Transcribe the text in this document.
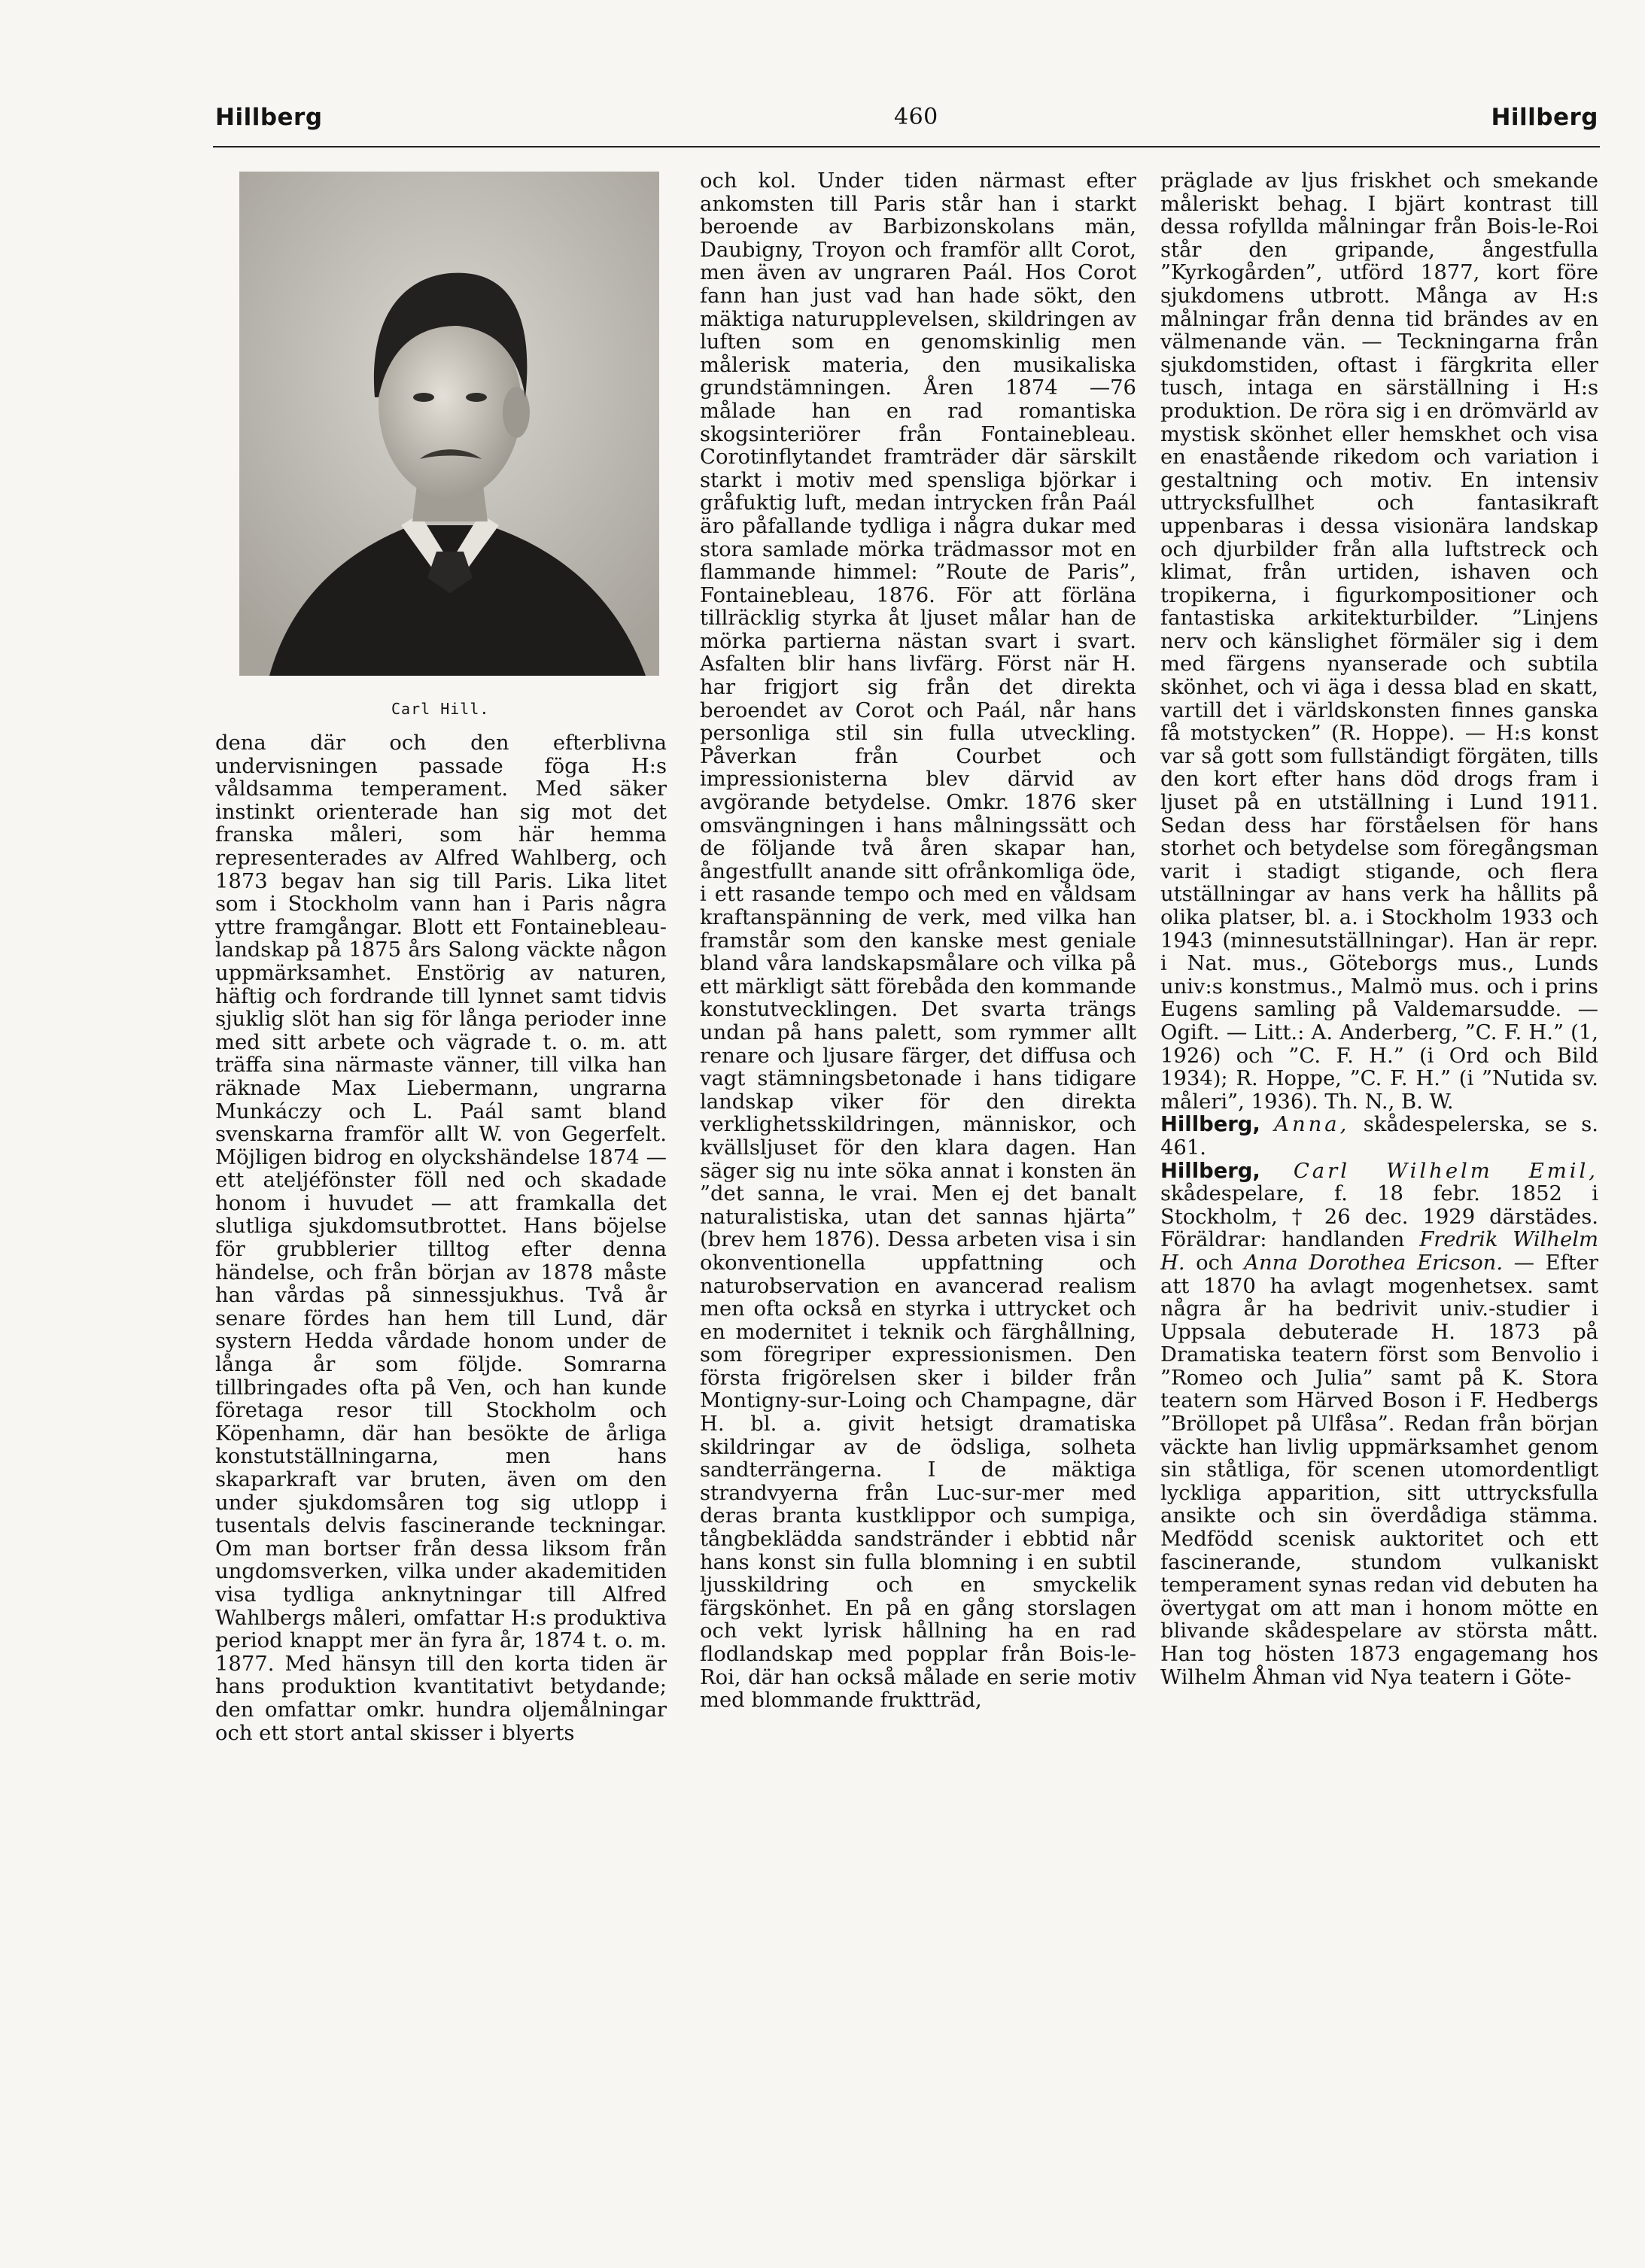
Hillberg	460	Hillberg
Carl Hill.

dena där och den efterblivna undervisningen passade föga H:s våldsamma temperament. Med säker instinkt orienterade han sig mot det franska måleri, som här hemma representerades av Alfred Wahlberg, och 1873 begav han sig till Paris. Lika litet som i Stockholm vann han i Paris några yttre framgångar. Blott ett Fontainebleau-landskap på 1875 års Salong väckte någon uppmärksamhet. Enstörig av naturen, häftig och fordrande till lynnet samt tidvis sjuklig slöt han sig för långa perioder inne med sitt arbete och vägrade t. o. m. att träffa sina närmaste vänner, till vilka han räknade Max Liebermann, ungrarna Munkáczy och L. Paál samt bland svenskarna framför allt W. von Gegerfelt. Möjligen bidrog en olyckshändelse 1874 — ett ateljéfönster föll ned och skadade honom i huvudet — att framkalla det slutliga sjukdomsutbrottet. Hans böjelse för grubblerier tilltog efter denna händelse, och från början av 1878 måste han vårdas på sinnessjukhus. Två år senare fördes han hem till Lund, där systern Hedda vårdade honom under de långa år som följde. Somrarna tillbringades ofta på Ven, och han kunde företaga resor till Stockholm och Köpenhamn, där han besökte de årliga konstutställningarna, men hans skaparkraft var bruten, även om den under sjukdomsåren tog sig utlopp i tusentals delvis fascinerande teckningar. Om man bortser från dessa liksom från ungdomsverken, vilka under akademitiden visa tydliga anknytningar till Alfred Wahlbergs måleri, omfattar H:s produktiva period knappt mer än fyra år, 1874 t. o. m. 1877. Med hänsyn till den korta tiden är hans produktion kvantitativt betydande; den omfattar omkr. hundra oljemålningar och ett stort antal skisser i blyerts

och kol. Under tiden närmast efter ankomsten till Paris står han i starkt beroende av Barbizonskolans män, Daubigny, Troyon och framför allt Corot, men även av ungraren Paál. Hos Corot fann han just vad han hade sökt, den mäktiga naturupplevelsen, skildringen av luften som en genomskinlig men målerisk materia, den musikaliska grundstämningen. Åren 1874 —76 målade han en rad romantiska skogsinteriörer från Fontainebleau. Corotinflytandet framträder där särskilt starkt i motiv med spensliga björkar i gråfuktig luft, medan intrycken från Paál äro påfallande tydliga i några dukar med stora samlade mörka trädmassor mot en flammande himmel: ”Route de Paris”, Fontainebleau, 1876. För att förläna tillräcklig styrka åt ljuset målar han de mörka partierna nästan svart i svart. Asfalten blir hans livfärg. Först när H. har frigjort sig från det direkta beroendet av Corot och Paál, når hans personliga stil sin fulla utveckling. Påverkan från Courbet och impressionisterna blev därvid av avgörande betydelse. Omkr. 1876 sker omsvängningen i hans målningssätt och de följande två åren skapar han, ångestfullt anande sitt ofrånkomliga öde, i ett rasande tempo och med en våldsam kraftanspänning de verk, med vilka han framstår som den kanske mest geniale bland våra landskapsmålare och vilka på ett märkligt sätt förebåda den kommande konstutvecklingen. Det svarta trängs undan på hans palett, som rymmer allt renare och ljusare färger, det diffusa och vagt stämningsbetonade i hans tidigare landskap viker för den direkta verklighetsskildringen, människor, och kvällsljuset för den klara dagen. Han säger sig nu inte söka annat i konsten än ”det sanna, le vrai. Men ej det banalt naturalistiska, utan det sannas hjärta” (brev hem 1876). Dessa arbeten visa i sin okonventionella uppfattning och naturobservation en avancerad realism men ofta också en styrka i uttrycket och en modernitet i teknik och färghållning, som föregriper expressionismen. Den första frigörelsen sker i bilder från Montigny-sur-Loing och Champagne, där H. bl. a. givit hetsigt dramatiska skildringar av de ödsliga, solheta sandterrängerna. I de mäktiga strandvyerna från Luc-sur-mer med deras branta kustklippor och sumpiga, tångbeklädda sandstränder i ebbtid når hans konst sin fulla blomning i en subtil ljusskildring och en smyckelik färgskönhet. En på en gång storslagen och vekt lyrisk hållning ha en rad flodlandskap med popplar från Bois-le-Roi, där han också målade en serie motiv med blommande fruktträd,

präglade av ljus friskhet och smekande måleriskt behag. I bjärt kontrast till dessa rofyllda målningar från Bois-le-Roi står den gripande, ångestfulla ”Kyrkogården”, utförd 1877, kort före sjukdomens utbrott. Många av H:s målningar från denna tid brändes av en välmenande vän. — Teckningarna från sjukdomstiden, oftast i färgkrita eller tusch, intaga en särställning i H:s produktion. De röra sig i en drömvärld av mystisk skönhet eller hemskhet och visa en enastående rikedom och variation i gestaltning och motiv. En intensiv uttrycksfullhet och fantasikraft uppenbaras i dessa visionära landskap och djurbilder från alla luftstreck och klimat, från urtiden, ishaven och tropikerna, i figurkompositioner och fantastiska arkitekturbilder. ”Linjens nerv och känslighet förmäler sig i dem med färgens nyanserade och subtila skönhet, och vi äga i dessa blad en skatt, vartill det i världskonsten finnes ganska få motstycken” (R. Hoppe). — H:s konst var så gott som fullständigt förgäten, tills den kort efter hans död drogs fram i ljuset på en utställning i Lund 1911. Sedan dess har förståelsen för hans storhet och betydelse som föregångsman varit i stadigt stigande, och flera utställningar av hans verk ha hållits på olika platser, bl. a. i Stockholm 1933 och 1943 (minnesutställningar). Han är repr. i Nat. mus., Göteborgs mus., Lunds univ:s konstmus., Malmö mus. och i prins Eugens samling på Valdemarsudde. — Ogift. — Litt.: A. Anderberg, ”C. F. H.” (1, 1926) och ”C. F. H.” (i Ord och Bild 1934); R. Hoppe, ”C. F. H.” (i ”Nutida sv. måleri”, 1936). Th. N., B. W.

Hillberg, Anna, skådespelerska, se s. 461.

Hillberg, Carl Wilhelm Emil, skådespelare, f. 18 febr. 1852 i Stockholm, † 26 dec. 1929 därstädes. Föräldrar: handlanden Fredrik Wilhelm H. och Anna Dorothea Ericson. — Efter att 1870 ha avlagt mogenhetsex. samt några år ha bedrivit univ.-studier i Uppsala debuterade H. 1873 på Dramatiska teatern först som Benvolio i ”Romeo och Julia” samt på K. Stora teatern som Härved Boson i F. Hedbergs ”Bröllopet på Ulfåsa”. Redan från början väckte han livlig uppmärksamhet genom sin ståtliga, för scenen utomordentligt lyckliga apparition, sitt uttrycksfulla ansikte och sin överdådiga stämma. Medfödd scenisk auktoritet och ett fascinerande, stundom vulkaniskt temperament synas redan vid debuten ha övertygat om att man i honom mötte en blivande skådespelare av största mått. Han tog hösten 1873 engagemang hos Wilhelm Åhman vid Nya teatern i Göte-
